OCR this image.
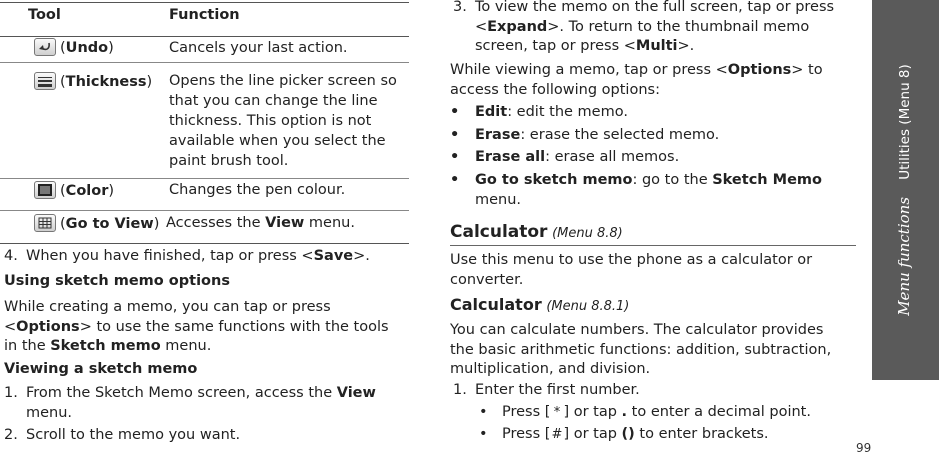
Tool	Function
(Undo)	Cancels your last action.
(Thickness) Opens the line picker screen so
that you can change the line
thickness. This option is not
available when you select the
paint brush tool.
(Color)	Changes the pen colour.
(Go to View) Accesses the View menu.
4. When you have finished, tap or press <Save>.
Using sketch memo options
While creating a memo, you can tap or press
<Options> to use the same functions with the tools
in the Sketch memo menu.
Viewing a sketch memo
1. From the Sketch Memo screen, access the View
menu.
2. Scroll to the memo you want.
3. To view the memo on the full screen, tap or press
<Expand>. To return to the thumbnail memo
screen, tap or press <Multi>.
While viewing a memo, tap or press <Options> to
access the following options:
• Edit: edit the memo.
• Erase: erase the selected memo.
• Erase all: erase all memos.
• Go to sketch memo: go to the Sketch Memo
menu.
Calculator (Menu 8.8)
Use this menu to use the phone as a calculator or
converter.
Calculator (Menu 8.8.1)
You can calculate numbers. The calculator provides
the basic arithmetic functions: addition, subtraction,
multiplication, and division.
1. Enter the first number.
• Press [ * ] or tap . to enter a decimal point.
• Press [#] or tap () to enter brackets.
Menu functions    Utilities (Menu 8)
99
